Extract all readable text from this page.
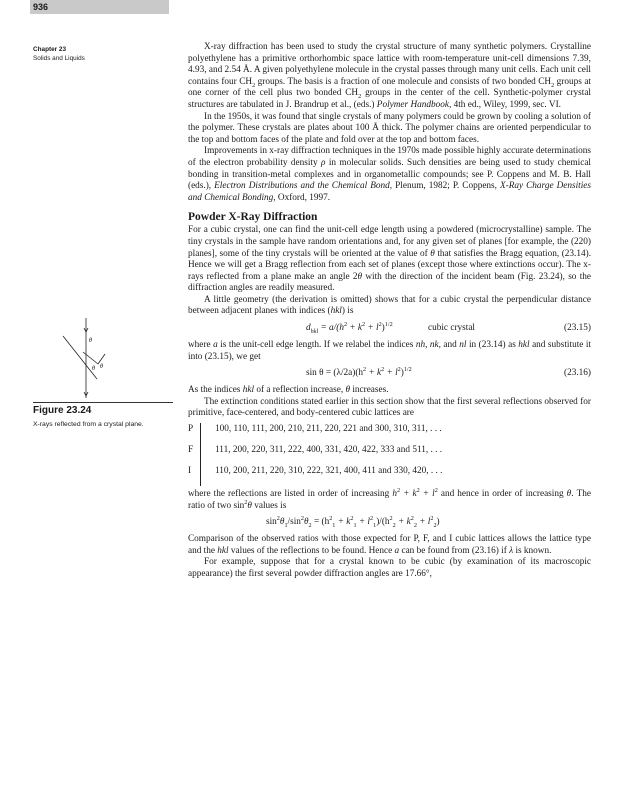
936
Chapter 23
Solids and Liquids
θ
θ θ
Figure 23.24
X-rays reflected from a crystal plane.

X-ray diffraction has been used to study the crystal structure of many synthetic polymers. Crystalline polyethylene has a primitive orthorhombic space lattice with room-temperature unit-cell dimensions 7.39, 4.93, and 2.54 Å. A given polyethylene molecule in the crystal passes through many unit cells. Each unit cell contains four $CH_2$ groups. The basis is a fraction of one molecule and consists of two bonded $CH_2$ groups at one corner of the cell plus two bonded $CH_2$ groups in the center of the cell. Synthetic-polymer crystal structures are tabulated in J. Brandrup et al., (eds.) Polymer Handbook, 4th ed., Wiley, 1999, sec. VI.

In the 1950s, it was found that single crystals of many polymers could be grown by cooling a solution of the polymer. These crystals are plates about 100 Å thick. The polymer chains are oriented perpendicular to the top and bottom faces of the plate and fold over at the top and bottom faces.

Improvements in x-ray diffraction techniques in the 1970s made possible highly accurate determinations of the electron probability density ρ in molecular solids. Such densities are being used to study chemical bonding in transition-metal complexes and in organometallic compounds; see P. Coppens and M. B. Hall (eds.), Electron Distributions and the Chemical Bond, Plenum, 1982; P. Coppens, X-Ray Charge Densities and Chemical Bonding, Oxford, 1997.

Powder X-Ray Diffraction

For a cubic crystal, one can find the unit-cell edge length using a powdered (microcrystalline) sample. The tiny crystals in the sample have random orientations and, for any given set of planes [for example, the (220) planes], some of the tiny crystals will be oriented at the value of θ that satisfies the Bragg equation, (23.14). Hence we will get a Bragg reflection from each set of planes (except those where extinctions occur). The x-rays reflected from a plane make an angle 2θ with the direction of the incident beam (Fig. 23.24), so the diffraction angles are readily measured.

A little geometry (the derivation is omitted) shows that for a cubic crystal the perpendicular distance between adjacent planes with indices (hkl) is

$d_{hkl} = a/(h^2 + k^2 + l^2)^{1/2}$	cubic crystal	(23.15)

where a is the unit-cell edge length. If we relabel the indices nh, nk, and nl in (23.14) as hkl and substitute it into (23.15), we get

$\sin \theta = (\lambda/2a)(h^2 + k^2 + l^2)^{1/2}$	(23.16)

As the indices hkl of a reflection increase, θ increases.

The extinction conditions stated earlier in this section show that the first several reflections observed for primitive, face-centered, and body-centered cubic lattices are

P	100, 110, 111, 200, 210, 211, 220, 221 and 300, 310, 311, . . .
F	111, 200, 220, 311, 222, 400, 331, 420, 422, 333 and 511, . . .
I	110, 200, 211, 220, 310, 222, 321, 400, 411 and 330, 420, . . .

where the reflections are listed in order of increasing $h^2 + k^2 + l^2$ and hence in order of increasing θ. The ratio of two $\sin^2\theta$ values is

$\sin^2\theta_1/\sin^2\theta_2 = (h^2_1 + k^2_1 + l^2_1)/(h^2_2 + k^2_2 + l^2_2)$

Comparison of the observed ratios with those expected for P, F, and I cubic lattices allows the lattice type and the hkl values of the reflections to be found. Hence a can be found from (23.16) if λ is known.

For example, suppose that for a crystal known to be cubic (by examination of its macroscopic appearance) the first several powder diffraction angles are 17.66°,
